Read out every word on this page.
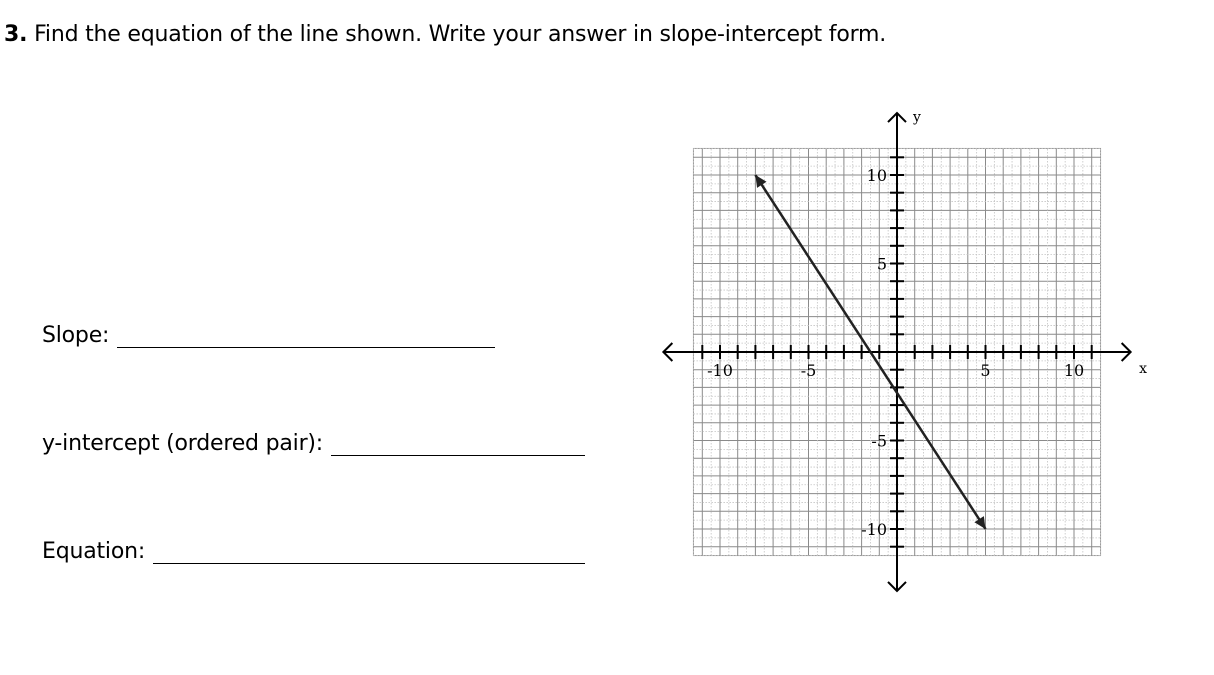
3. Find the equation of the line shown. Write your answer in slope-intercept form.
Slope:
y-intercept (ordered pair):
Equation:
-10	-5	5	10
10
5
-5
-10
x
y
